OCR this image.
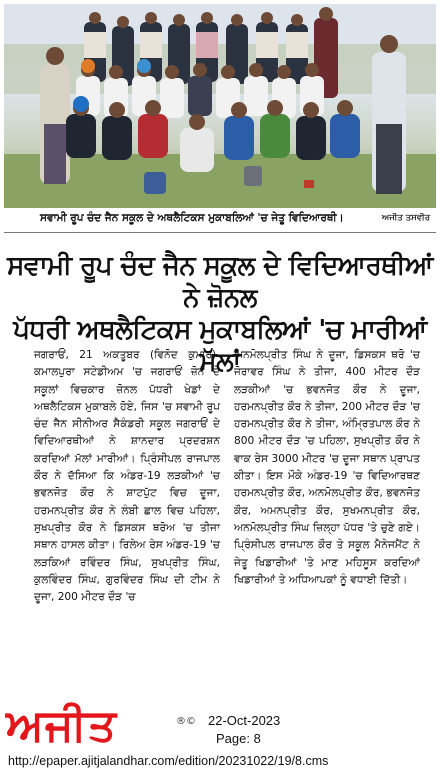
ਸਵਾਮੀ ਰੂਪ ਚੰਦ ਜੈਨ ਸਕੂਲ ਦੇ ਅਥਲੈਟਿਕਸ ਮੁਕਾਬਲਿਆਂ 'ਚ ਜੇਤੂ ਵਿਦਿਆਰਥੀ।	ਅਜੀਤ ਤਸਵੀਰ
ਸਵਾਮੀ ਰੂਪ ਚੰਦ ਜੈਨ ਸਕੂਲ ਦੇ ਵਿਦਿਆਰਥੀਆਂ ਨੇ ਜ਼ੋਨਲ
ਪੱਧਰੀ ਅਥਲੈਟਿਕਸ ਮੁਕਾਬਲਿਆਂ 'ਚ ਮਾਰੀਆਂ ਮੱਲਾਂ

ਜਗਰਾਓਂ, 21 ਅਕਤੂਬਰ (ਵਿਨੋਦ ਕੁਮਾਰ)-ਕਮਾਲਪੁਰਾ ਸਟੇਡੀਅਮ 'ਚ ਜਗਰਾਓਂ ਜ਼ੋਨ ਦੇ ਸਕੂਲਾਂ ਵਿਚਕਾਰ ਜ਼ੋਨਲ ਪੱਧਰੀ ਖੇਡਾਂ ਦੇ ਅਥਲੈਟਿਕਸ ਮੁਕਾਬਲੇ ਹੋਏ, ਜਿਸ 'ਚ ਸਵਾਮੀ ਰੂਪ ਚੰਦ ਜੈਨ ਸੀਨੀਅਰ ਸੈਕੰਡਰੀ ਸਕੂਲ ਜਗਰਾਓਂ ਦੇ ਵਿਦਿਆਰਥੀਆਂ ਨੇ ਸ਼ਾਨਦਾਰ ਪ੍ਰਦਰਸ਼ਨ ਕਰਦਿਆਂ ਮੱਲਾਂ ਮਾਰੀਆਂ। ਪ੍ਰਿੰਸੀਪਲ ਰਾਜਪਾਲ ਕੌਰ ਨੇ ਦੱਸਿਆ ਕਿ ਅੰਡਰ-19 ਲੜਕੀਆਂ 'ਚ ਭਵਨਜੋਤ ਕੌਰ ਨੇ ਸ਼ਾਟਪੁੱਟ ਵਿਚ ਦੂਜਾ, ਹਰਮਨਪ੍ਰੀਤ ਕੌਰ ਨੇ ਲੰਬੀ ਛਾਲ ਵਿਚ ਪਹਿਲਾ, ਸੁਖਪ੍ਰੀਤ ਕੌਰ ਨੇ ਡਿਸਕਸ ਥਰੋਅ 'ਚ ਤੀਜਾ ਸਥਾਨ ਹਾਸਲ ਕੀਤਾ। ਰਿਲੇਅ ਰੇਸ ਅੰਡਰ-19 'ਚ ਲੜਕਿਆਂ ਰਵਿੰਦਰ ਸਿੰਘ, ਸੁਖਪ੍ਰੀਤ ਸਿੰਘ, ਕੁਲਵਿੰਦਰ ਸਿੰਘ, ਗੁਰਵਿੰਦਰ ਸਿੰਘ ਦੀ ਟੀਮ ਨੇ ਦੂਜਾ, 200 ਮੀਟਰ ਦੌੜ 'ਚ

ਅਨਮੋਲਪ੍ਰੀਤ ਸਿੰਘ ਨੇ ਦੂਜਾ, ਡਿਸਕਸ ਥਰੋ 'ਚ ਜੋਰਾਵਰ ਸਿੰਘ ਨੇ ਤੀਜਾ, 400 ਮੀਟਰ ਦੌੜ ਲੜਕੀਆਂ 'ਚ ਭਵਨਜੋਤ ਕੌਰ ਨੇ ਦੂਜਾ, ਹਰਮਨਪ੍ਰੀਤ ਕੌਰ ਨੇ ਤੀਜਾ, 200 ਮੀਟਰ ਦੌੜ 'ਚ ਹਰਮਨਪ੍ਰੀਤ ਕੌਰ ਨੇ ਤੀਜਾ, ਅੰਮ੍ਰਿਤਪਾਲ ਕੌਰ ਨੇ 800 ਮੀਟਰ ਦੌੜ 'ਚ ਪਹਿਲਾ, ਸੁਖਪ੍ਰੀਤ ਕੌਰ ਨੇ ਵਾਕ ਰੇਸ 3000 ਮੀਟਰ 'ਚ ਦੂਜਾ ਸਥਾਨ ਪ੍ਰਾਪਤ ਕੀਤਾ। ਇਸ ਮੌਕੇ ਅੰਡਰ-19 'ਚ ਵਿਦਿਆਰਥਣ ਹਰਮਨਪ੍ਰੀਤ ਕੌਰ, ਅਨਮੋਲਪ੍ਰੀਤ ਕੌਰ, ਭਵਨਜੋਤ ਕੌਰ, ਅਮਨਪ੍ਰੀਤ ਕੌਰ, ਸੁਖਮਨਪ੍ਰੀਤ ਕੌਰ, ਅਨਮੋਲਪ੍ਰੀਤ ਸਿੰਘ ਜ਼ਿਲ੍ਹਾ ਪੱਧਰ 'ਤੇ ਚੁਣੇ ਗਏ। ਪ੍ਰਿੰਸੀਪਲ ਰਾਜਪਾਲ ਕੌਰ ਤੇ ਸਕੂਲ ਮੈਨੇਜਮੈਂਟ ਨੇ ਜੇਤੂ ਖਿਡਾਰੀਆਂ 'ਤੇ ਮਾਣ ਮਹਿਸੂਸ ਕਰਦਿਆਂ ਖਿਡਾਰੀਆਂ ਤੇ ਅਧਿਆਪਕਾਂ ਨੂੰ ਵਧਾਈ ਦਿੱਤੀ।

ਅਜੀਤ	®© 22-Oct-2023
Page: 8
http://epaper.ajitjalandhar.com/edition/20231022/19/8.cms
